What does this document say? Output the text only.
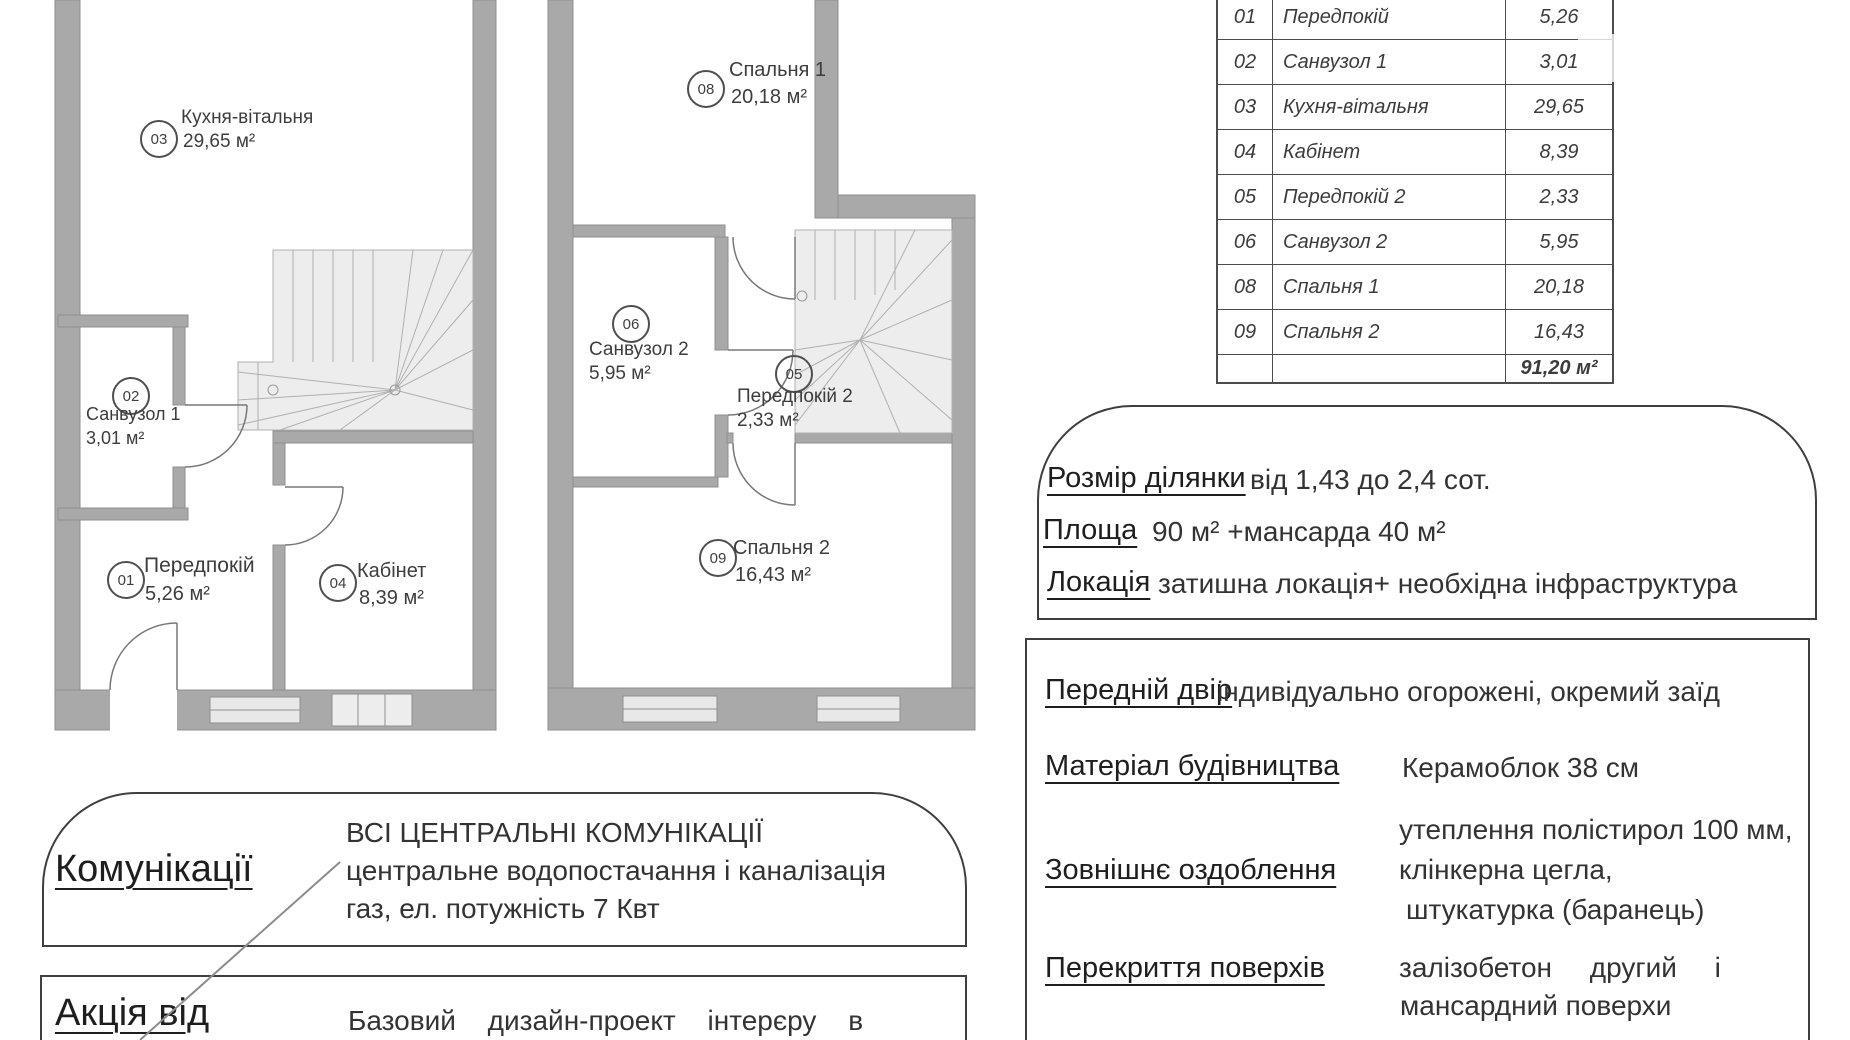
03
Кухня-вітальня
29,65 м²
02
Санвузол 1
3,01 м²
01
Передпокій
5,26 м²	04
Кабінет
8,39 м²
08
Спальня 1
20,18 м²
06
Санвузол 2
5,95 м²	05
Передпокій 2
2,33 м²
09 Спальня 2
16,43 м²
01	Передпокій	5,26
02	Санвузол 1	3,01
03	Кухня-вітальня	29,65
04	Кабінет	8,39
05	Передпокій 2	2,33
06	Санвузол 2	5,95
08	Спальня 1	20,18
09	Спальня 2	16,43
91,20 м²
Розмір ділянки від 1,43 до 2,4 сот.
Площа 90 м² +мансарда 40 м²
Локація затишна локація+ необхідна інфраструктура
Передній двір
індивідуально огорожені, окремий заїд
Матеріал будівництва Керамоблок 38 см
Зовнішнє оздоблення
утеплення полістирол 100 мм,
клінкерна цегла,
штукатурка (баранець)
Перекриття поверхів	залізобетон другий і
мансардний поверхи
Комунікації
ВСІ ЦЕНТРАЛЬНІ КОМУНІКАЦІЇ
центральне водопостачання і каналізація
газ, ел. потужність 7 Квт
Акція від	Базовий дизайн-проект інтерєру в
